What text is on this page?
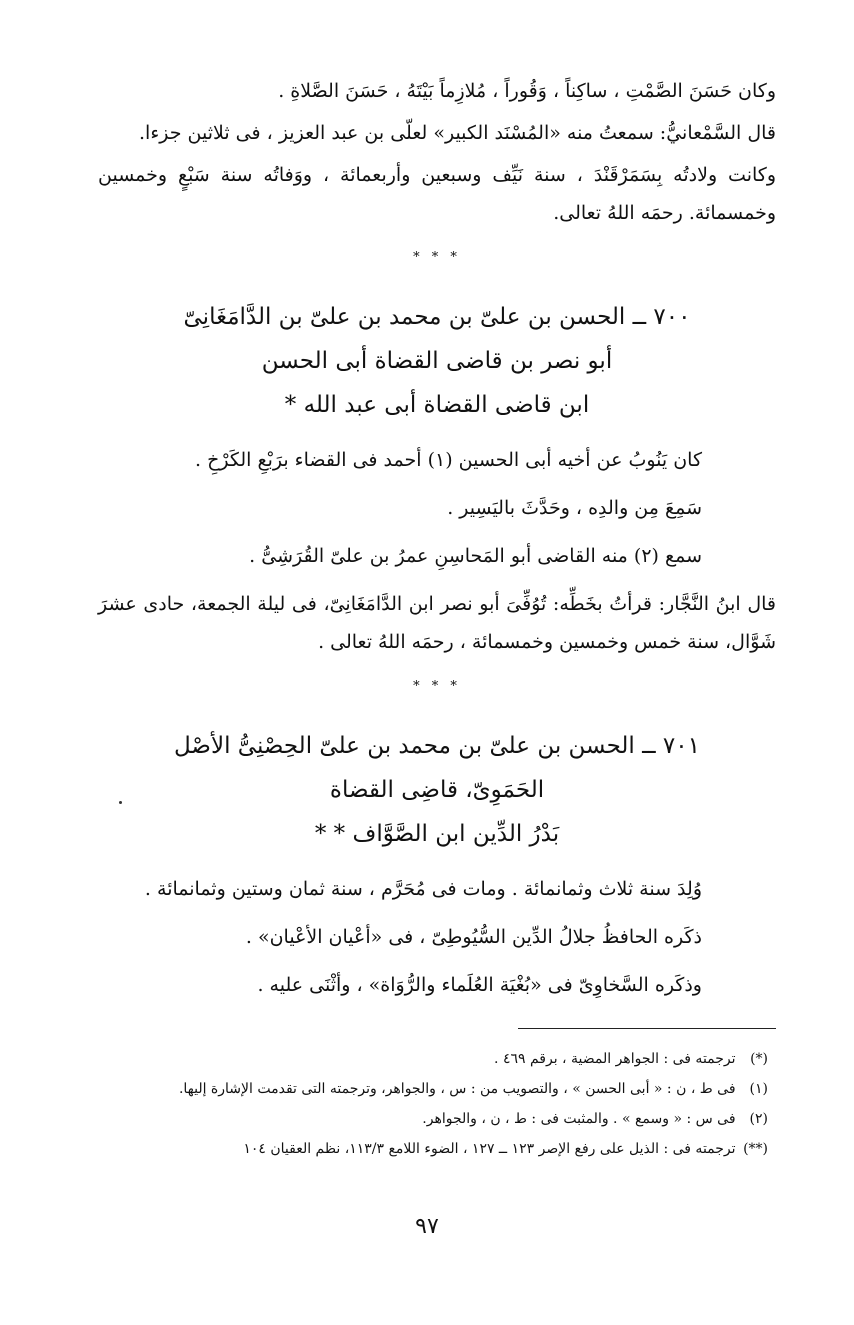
وكان حَسَنَ الصَّمْتِ ، ساكِناً ، وَقُوراً ، مُلازِماً بَيْتَهُ ، حَسَنَ الصَّلاةِ .

قال السَّمْعانيُّ: سمعتُ منه «المُسْنَد الكبير» لعلّى بن عبد العزيز ، فى ثلاثين جزءا.

وكانت ولادتُه بِسَمَرْقَنْدَ ، سنة نَيِّف وسبعين وأربعمائة ، ووَفاتُه سنة سَبْعٍ وخمسين وخمسمائة. رحمَه اللهُ تعالى.

* * *
٧٠٠ ــ الحسن بن علىّ بن محمد بن علىّ بن الدَّامَغَانِىّ
أبو نصر بن قاضى القضاة أبى الحسن
ابن قاضى القضاة أبى عبد الله *

كان يَنُوبُ عن أخيه أبى الحسين (١) أحمد فى القضاء برَبْعِ الكَرْخِ .

سَمِعَ مِن والدِه ، وحَدَّثَ باليَسِير .

سمع (٢) منه القاضى أبو المَحاسِنِ عمرُ بن علىّ القُرَشِىُّ .

قال ابنُ النَّجَّار: قرأتُ بخَطِّه: تُوُفِّىَ أبو نصر ابن الدَّامَغَانِىّ، فى ليلة الجمعة، حادى عشرَ شَوَّال، سنة خمس وخمسين وخمسمائة ، رحمَه اللهُ تعالى .

* * *
٧٠١ ــ الحسن بن علىّ بن محمد بن علىّ الحِصْنِىُّ الأصْل
الحَمَوِىّ، قاضِى القضاة
بَدْرُ الدِّين ابن الصَّوَّاف * *

وُلِدَ سنة ثلاث وثمانمائة . ومات فى مُحَرَّم ، سنة ثمان وستين وثمانمائة .

ذكَره الحافظُ جلالُ الدِّين السُّيُوطِىّ ، فى «أعْيان الأعْيان» .

وذكَره السَّخاوِىّ فى «بُغْيَة العُلَماء والرُّوَاة» ، وأثْنَى عليه .

(*) ترجمته فى : الجواهر المضية ، برقم ٤٦٩ .

(١) فى ط ، ن : « أبى الحسن » ، والتصويب من : س ، والجواهر، وترجمته التى تقدمت الإشارة إليها.

(٢) فى س : « وسمع » . والمثبت فى : ط ، ن ، والجواهر.

(**) ترجمته فى : الذيل على رفع الإصر ١٢٣ ــ ١٢٧ ، الضوء اللامع ١١٣/٣، نظم العقيان ١٠٤

٩٧
